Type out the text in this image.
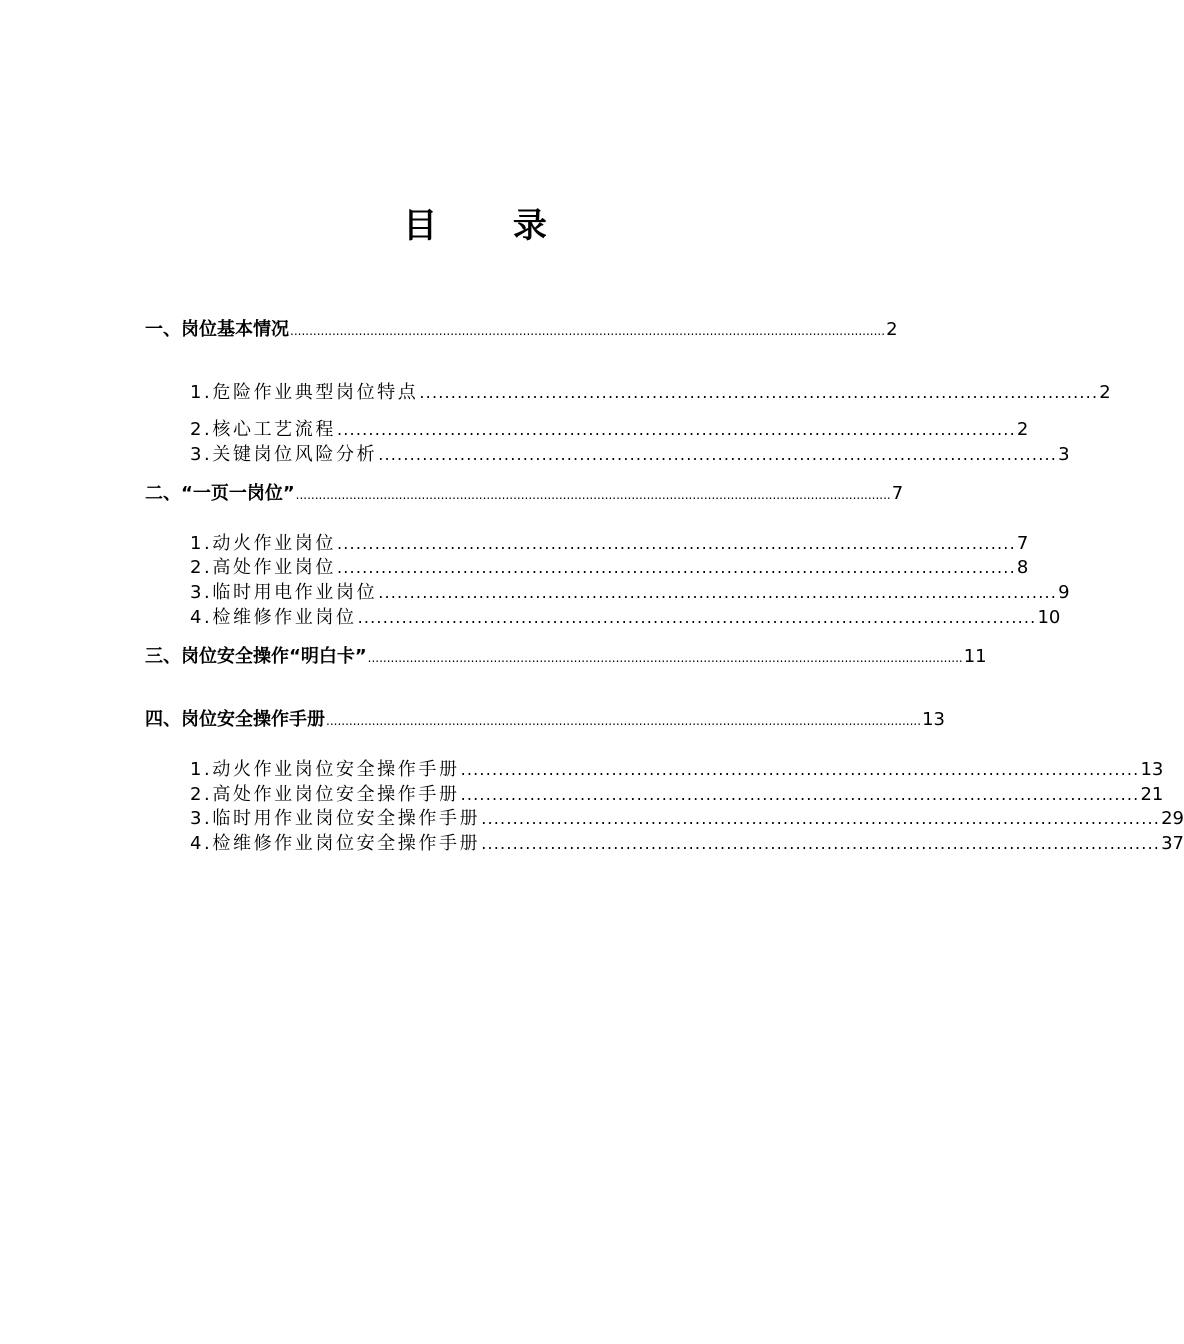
目 录
一、岗位基本情况 ............................................................................................................................................................ 2
1.危险作业典型岗位特点 ............................................................................................................ 2
2.核心工艺流程 ............................................................................................................ 2
3.关键岗位风险分析 ............................................................................................................ 3
二、“一页一岗位” ............................................................................................................................................................ 7
1.动火作业岗位 ............................................................................................................ 7
2.高处作业岗位 ............................................................................................................ 8
3.临时用电作业岗位 ............................................................................................................ 9
4.检维修作业岗位 ............................................................................................................ 10
三、岗位安全操作“明白卡” ............................................................................................................................................................ 11
四、岗位安全操作手册 ............................................................................................................................................................ 13
1.动火作业岗位安全操作手册 ............................................................................................................ 13
2.高处作业岗位安全操作手册 ............................................................................................................ 21
3.临时用作业岗位安全操作手册 ............................................................................................................ 29
4.检维修作业岗位安全操作手册 ............................................................................................................ 37
